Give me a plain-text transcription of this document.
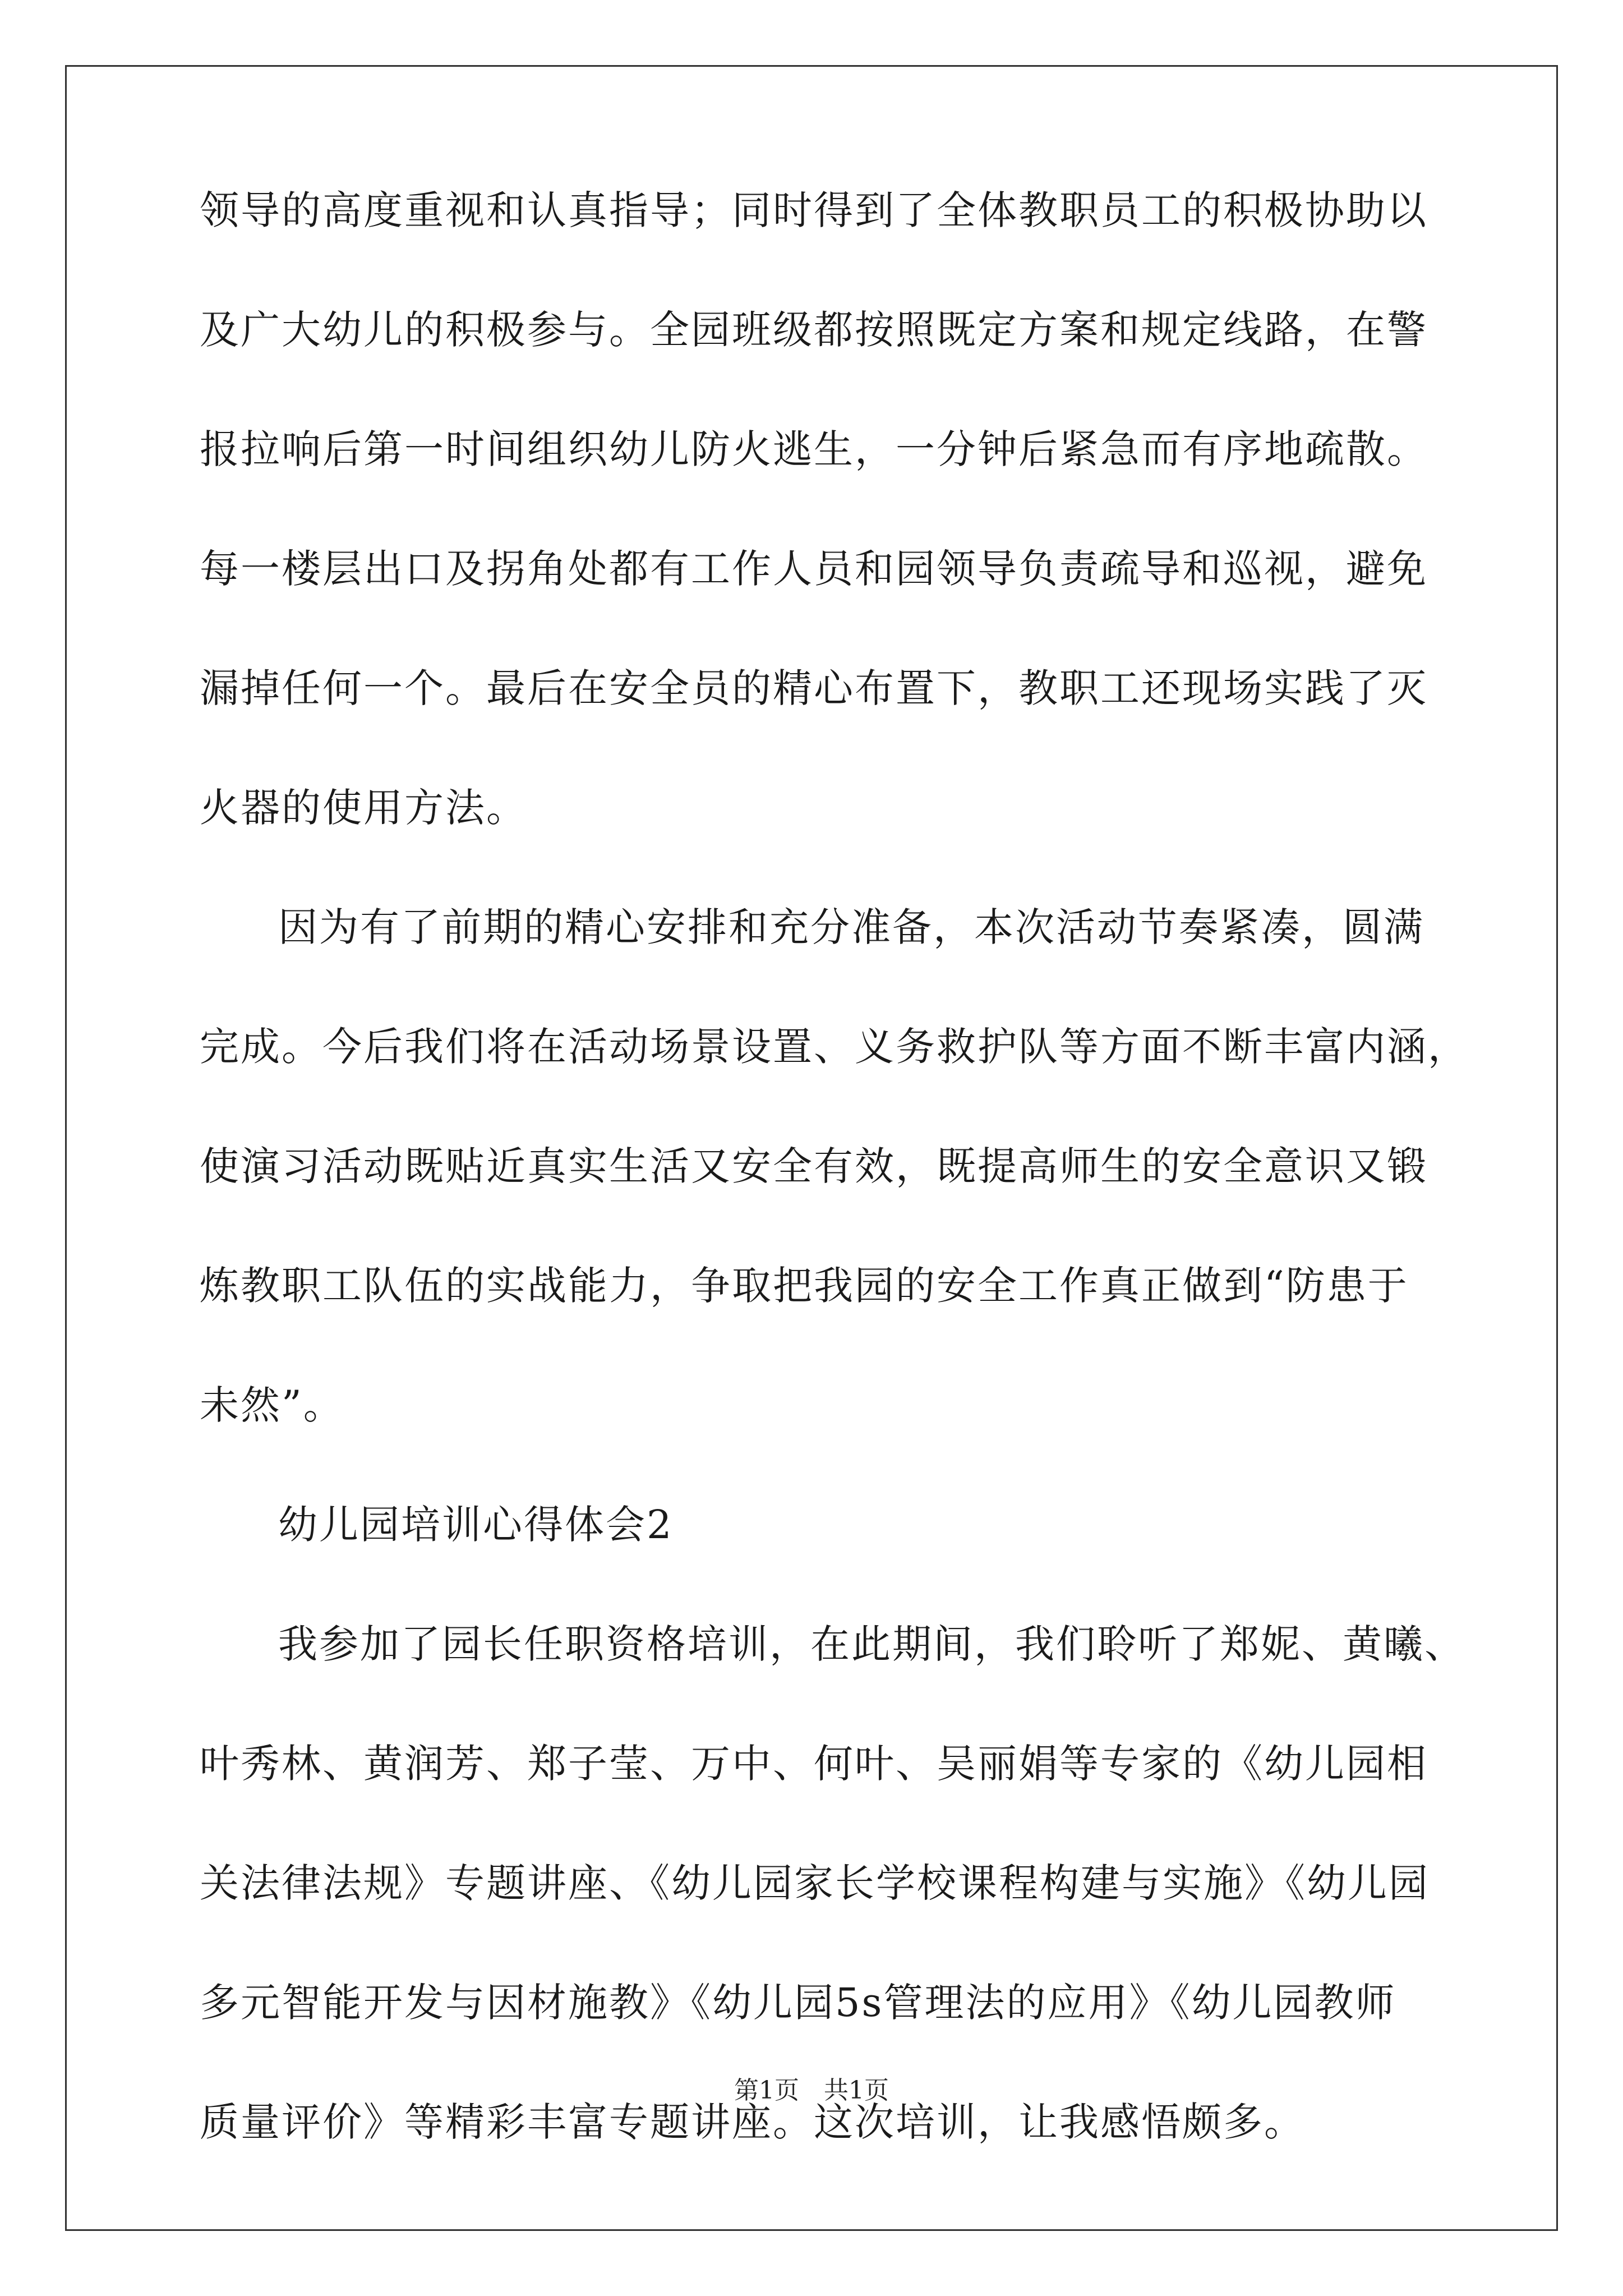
领导的高度重视和认真指导；同时得到了全体教职员工的积极协助以
及广大幼儿的积极参与。全园班级都按照既定方案和规定线路，在警
报拉响后第一时间组织幼儿防火逃生，一分钟后紧急而有序地疏散。
每一楼层出口及拐角处都有工作人员和园领导负责疏导和巡视，避免
漏掉任何一个。最后在安全员的精心布置下，教职工还现场实践了灭
火器的使用方法。
因为有了前期的精心安排和充分准备，本次活动节奏紧凑，圆满
完成。今后我们将在活动场景设置、义务救护队等方面不断丰富内涵，
使演习活动既贴近真实生活又安全有效，既提高师生的安全意识又锻
炼教职工队伍的实战能力，争取把我园的安全工作真正做到“防患于
未然”。
幼儿园培训心得体会2
我参加了园长任职资格培训，在此期间，我们聆听了郑妮、黄曦、
叶秀林、黄润芳、郑子莹、万中、何叶、吴丽娟等专家的《幼儿园相
关法律法规》专题讲座、《幼儿园家长学校课程构建与实施》《幼儿园
多元智能开发与因材施教》《幼儿园5s管理法的应用》《幼儿园教师
质量评价》等精彩丰富专题讲座。这次培训，让我感悟颇多。
第1页　共1页
